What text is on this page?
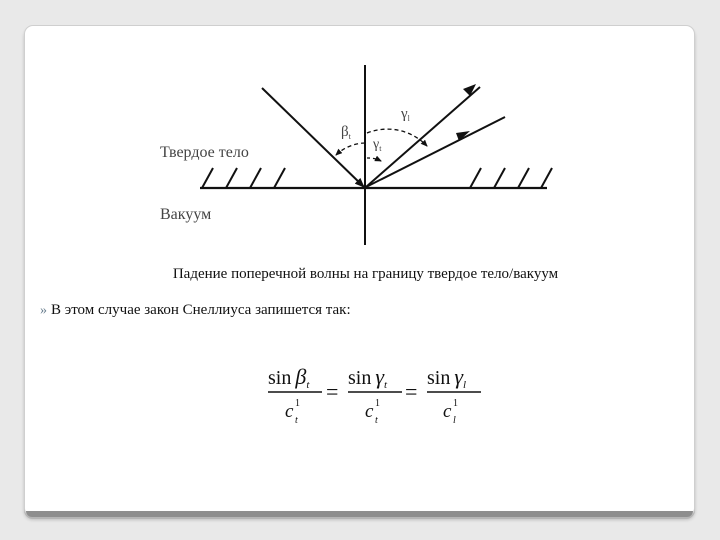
Твердое тело
Вакуум
$\beta_t$
$\gamma_l$
$\gamma_t$
Падение поперечной волны на границу твердое тело/вакуум
» В этом случае закон Снеллиуса запишется так:
$\sin \beta_t$
c 1
t
=
$\sin \gamma_t$
c 1
t
=
$\sin \gamma_l$
c 1
l
